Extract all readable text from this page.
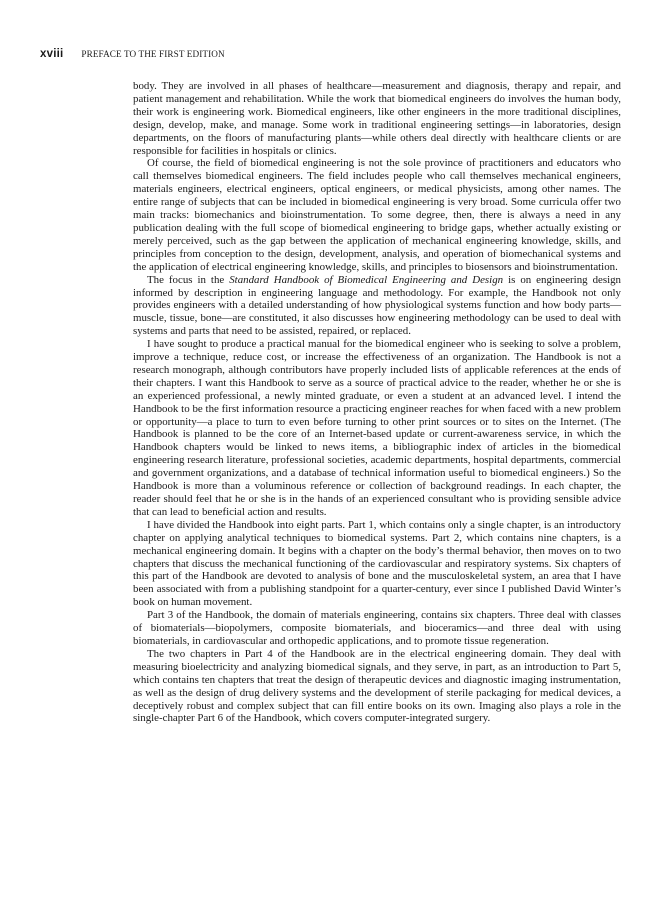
xviii PREFACE TO THE FIRST EDITION

body. They are involved in all phases of healthcare—measurement and diagnosis, therapy and repair, and patient management and rehabilitation. While the work that biomedical engineers do involves the human body, their work is engineering work. Biomedical engineers, like other engineers in the more traditional disciplines, design, develop, make, and manage. Some work in traditional engineering settings—in laboratories, design departments, on the floors of manufacturing plants—while others deal directly with healthcare clients or are responsible for facilities in hospitals or clinics.

Of course, the field of biomedical engineering is not the sole province of practitioners and educators who call themselves biomedical engineers. The field includes people who call themselves mechanical engineers, materials engineers, electrical engineers, optical engineers, or medical physicists, among other names. The entire range of subjects that can be included in biomedical engineering is very broad. Some curricula offer two main tracks: biomechanics and bioinstrumentation. To some degree, then, there is always a need in any publication dealing with the full scope of biomedical engineering to bridge gaps, whether actually existing or merely perceived, such as the gap between the application of mechanical engineering knowledge, skills, and principles from conception to the design, development, analysis, and operation of biomechanical systems and the application of electrical engineering knowledge, skills, and principles to biosensors and bioinstrumentation.

The focus in the Standard Handbook of Biomedical Engineering and Design is on engineering design informed by description in engineering language and methodology. For example, the Handbook not only provides engineers with a detailed understanding of how physiological systems function and how body parts—muscle, tissue, bone—are constituted, it also discusses how engineering methodology can be used to deal with systems and parts that need to be assisted, repaired, or replaced.

I have sought to produce a practical manual for the biomedical engineer who is seeking to solve a problem, improve a technique, reduce cost, or increase the effectiveness of an organization. The Handbook is not a research monograph, although contributors have properly included lists of applicable references at the ends of their chapters. I want this Handbook to serve as a source of practical advice to the reader, whether he or she is an experienced professional, a newly minted graduate, or even a student at an advanced level. I intend the Handbook to be the first information resource a practicing engineer reaches for when faced with a new problem or opportunity—a place to turn to even before turning to other print sources or to sites on the Internet. (The Handbook is planned to be the core of an Internet-based update or current-awareness service, in which the Handbook chapters would be linked to news items, a bibliographic index of articles in the biomedical engineering research literature, professional societies, academic departments, hospital departments, commercial and government organizations, and a database of technical information useful to biomedical engineers.) So the Handbook is more than a voluminous reference or collection of background readings. In each chapter, the reader should feel that he or she is in the hands of an experienced consultant who is providing sensible advice that can lead to beneficial action and results.

I have divided the Handbook into eight parts. Part 1, which contains only a single chapter, is an introductory chapter on applying analytical techniques to biomedical systems. Part 2, which contains nine chapters, is a mechanical engineering domain. It begins with a chapter on the body’s thermal behavior, then moves on to two chapters that discuss the mechanical functioning of the cardiovascular and respiratory systems. Six chapters of this part of the Handbook are devoted to analysis of bone and the musculoskeletal system, an area that I have been associated with from a publishing standpoint for a quarter-century, ever since I published David Winter’s book on human movement.

Part 3 of the Handbook, the domain of materials engineering, contains six chapters. Three deal with classes of biomaterials—biopolymers, composite biomaterials, and bioceramics—and three deal with using biomaterials, in cardiovascular and orthopedic applications, and to promote tissue regeneration.

The two chapters in Part 4 of the Handbook are in the electrical engineering domain. They deal with measuring bioelectricity and analyzing biomedical signals, and they serve, in part, as an introduction to Part 5, which contains ten chapters that treat the design of therapeutic devices and diagnostic imaging instrumentation, as well as the design of drug delivery systems and the development of sterile packaging for medical devices, a deceptively robust and complex subject that can fill entire books on its own. Imaging also plays a role in the single-chapter Part 6 of the Handbook, which covers computer-integrated surgery.
